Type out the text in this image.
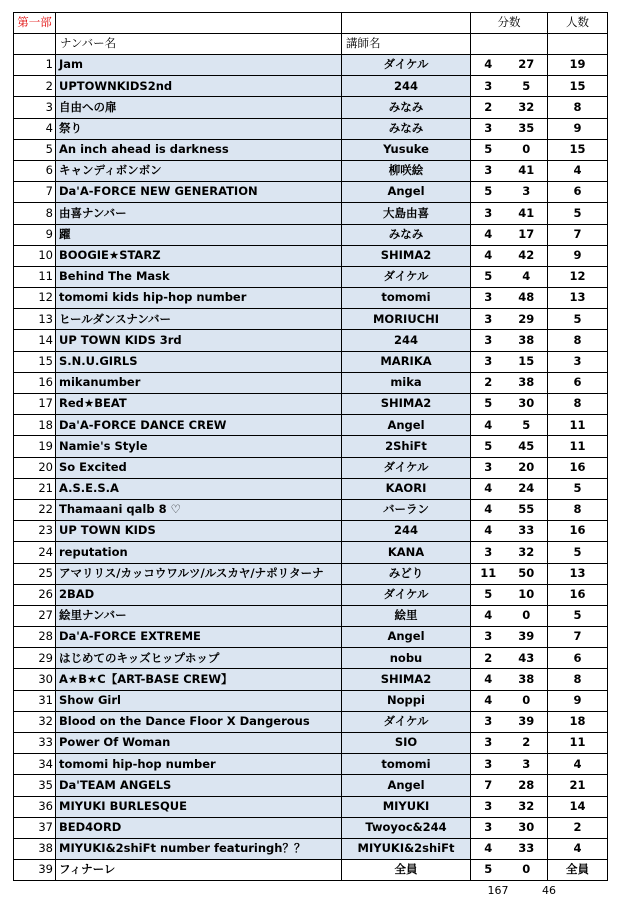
第一部			分数		人数
	ナンバー名	講師名			
1	Jam	ダイケル	4	27	19
2	UPTOWNKIDS2nd	244	3	5	15
3	自由への扉	みなみ	2	32	8
4	祭り	みなみ	3	35	9
5	An inch ahead is darkness	Yusuke	5	0	15
6	キャンディボンボン	柳咲絵	3	41	4
7	Da'A-FORCE NEW GENERATION	Angel	5	3	6
8	由喜ナンバー	大島由喜	3	41	5
9	躍	みなみ	4	17	7
10	BOOGIE★STARZ	SHIMA2	4	42	9
11	Behind The Mask	ダイケル	5	4	12
12	tomomi kids hip-hop number	tomomi	3	48	13
13	ヒールダンスナンバー	MORIUCHI	3	29	5
14	UP TOWN KIDS 3rd	244	3	38	8
15	S.N.U.GIRLS	MARIKA	3	15	3
16	mikanumber	mika	2	38	6
17	Red★BEAT	SHIMA2	5	30	8
18	Da'A-FORCE DANCE CREW	Angel	4	5	11
19	Namie's Style	2ShiFt	5	45	11
20	So Excited	ダイケル	3	20	16
21	A.S.E.S.A	KAORI	4	24	5
22	Thamaani qalb 8 ♡	バーラン	4	55	8
23	UP TOWN KIDS	244	4	33	16
24	reputation	KANA	3	32	5
25	アマリリス/カッコウワルツ/ルスカヤ/ナポリターナ	みどり	11	50	13
26	2BAD	ダイケル	5	10	16
27	絵里ナンバー	絵里	4	0	5
28	Da'A-FORCE EXTREME	Angel	3	39	7
29	はじめてのキッズヒップホップ	nobu	2	43	6
30	A★B★C【ART-BASE CREW】	SHIMA2	4	38	8
31	Show Girl	Noppi	4	0	9
32	Blood on the Dance Floor X Dangerous	ダイケル	3	39	18
33	Power Of Woman	SIO	3	2	11
34	tomomi hip-hop number	tomomi	3	3	4
35	Da'TEAM ANGELS	Angel	7	28	21
36	MIYUKI BURLESQUE	MIYUKI	3	32	14
37	BED4ORD	Twoyoc&244	3	30	2
38	MIYUKI&2shiFt number featuringh？？	MIYUKI&2shiFt	4	33	4
39	フィナーレ	全員	5	0	全員
167	46
